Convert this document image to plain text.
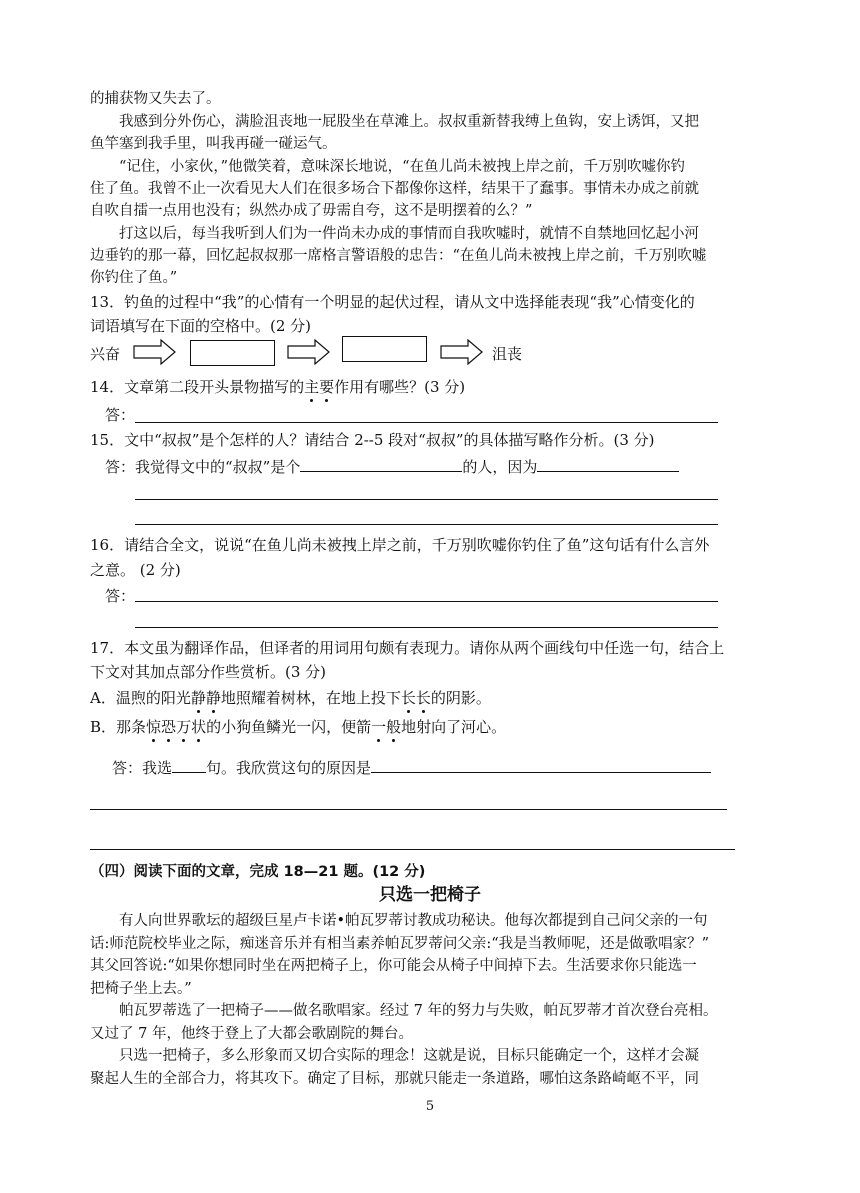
的捕获物又失去了。
我感到分外伤心，满脸沮丧地一屁股坐在草滩上。叔叔重新替我缚上鱼钩，安上诱饵，又把
鱼竿塞到我手里，叫我再碰一碰运气。
“记住，小家伙，”他微笑着，意味深长地说，“在鱼儿尚未被拽上岸之前，千万别吹嘘你钓
住了鱼。我曾不止一次看见大人们在很多场合下都像你这样，结果干了蠢事。事情未办成之前就
自吹自擂一点用也没有；纵然办成了毋需自夸，这不是明摆着的么？”
打这以后，每当我听到人们为一件尚未办成的事情而自我吹嘘时，就情不自禁地回忆起小河
边垂钓的那一幕，回忆起叔叔那一席格言警语般的忠告：“在鱼儿尚未被拽上岸之前，千万别吹嘘
你钓住了鱼。”
13．钓鱼的过程中“我”的心情有一个明显的起伏过程，请从文中选择能表现“我”心情变化的
词语填写在下面的空格中。(2 分)
兴奋	沮丧
14．文章第二段开头景物描写的主要作用有哪些？(3 分)
答：
15．文中“叔叔”是个怎样的人？请结合 2--5 段对“叔叔”的具体描写略作分析。(3 分)
答：我觉得文中的“叔叔”是个	的人，因为
16．请结合全文，说说“在鱼儿尚未被拽上岸之前，千万别吹嘘你钓住了鱼”这句话有什么言外
之意。 (2 分)
答：
17．本文虽为翻译作品，但译者的用词用句颇有表现力。请你从两个画线句中任选一句，结合上
下文对其加点部分作些赏析。(3 分)
A．温煦的阳光静静地照耀着树林，在地上投下长长的阴影。
B．那条惊恐万状的小狗鱼鳞光一闪，便箭一般地射向了河心。
答：我选 句。我欣赏这句的原因是
（四）阅读下面的文章，完成 18—21 题。(12 分)
只选一把椅子
有人向世界歌坛的超级巨星卢卡诺•帕瓦罗蒂讨教成功秘诀。他每次都提到自己问父亲的一句
话:师范院校毕业之际，痴迷音乐并有相当素养帕瓦罗蒂问父亲:“我是当教师呢，还是做歌唱家？”
其父回答说:“如果你想同时坐在两把椅子上，你可能会从椅子中间掉下去。生活要求你只能选一
把椅子坐上去。”
帕瓦罗蒂选了一把椅子——做名歌唱家。经过 7 年的努力与失败，帕瓦罗蒂才首次登台亮相。
又过了 7 年，他终于登上了大都会歌剧院的舞台。
只选一把椅子，多么形象而又切合实际的理念！这就是说，目标只能确定一个，这样才会凝
聚起人生的全部合力，将其攻下。确定了目标，那就只能走一条道路，哪怕这条路崎岖不平，同
5
